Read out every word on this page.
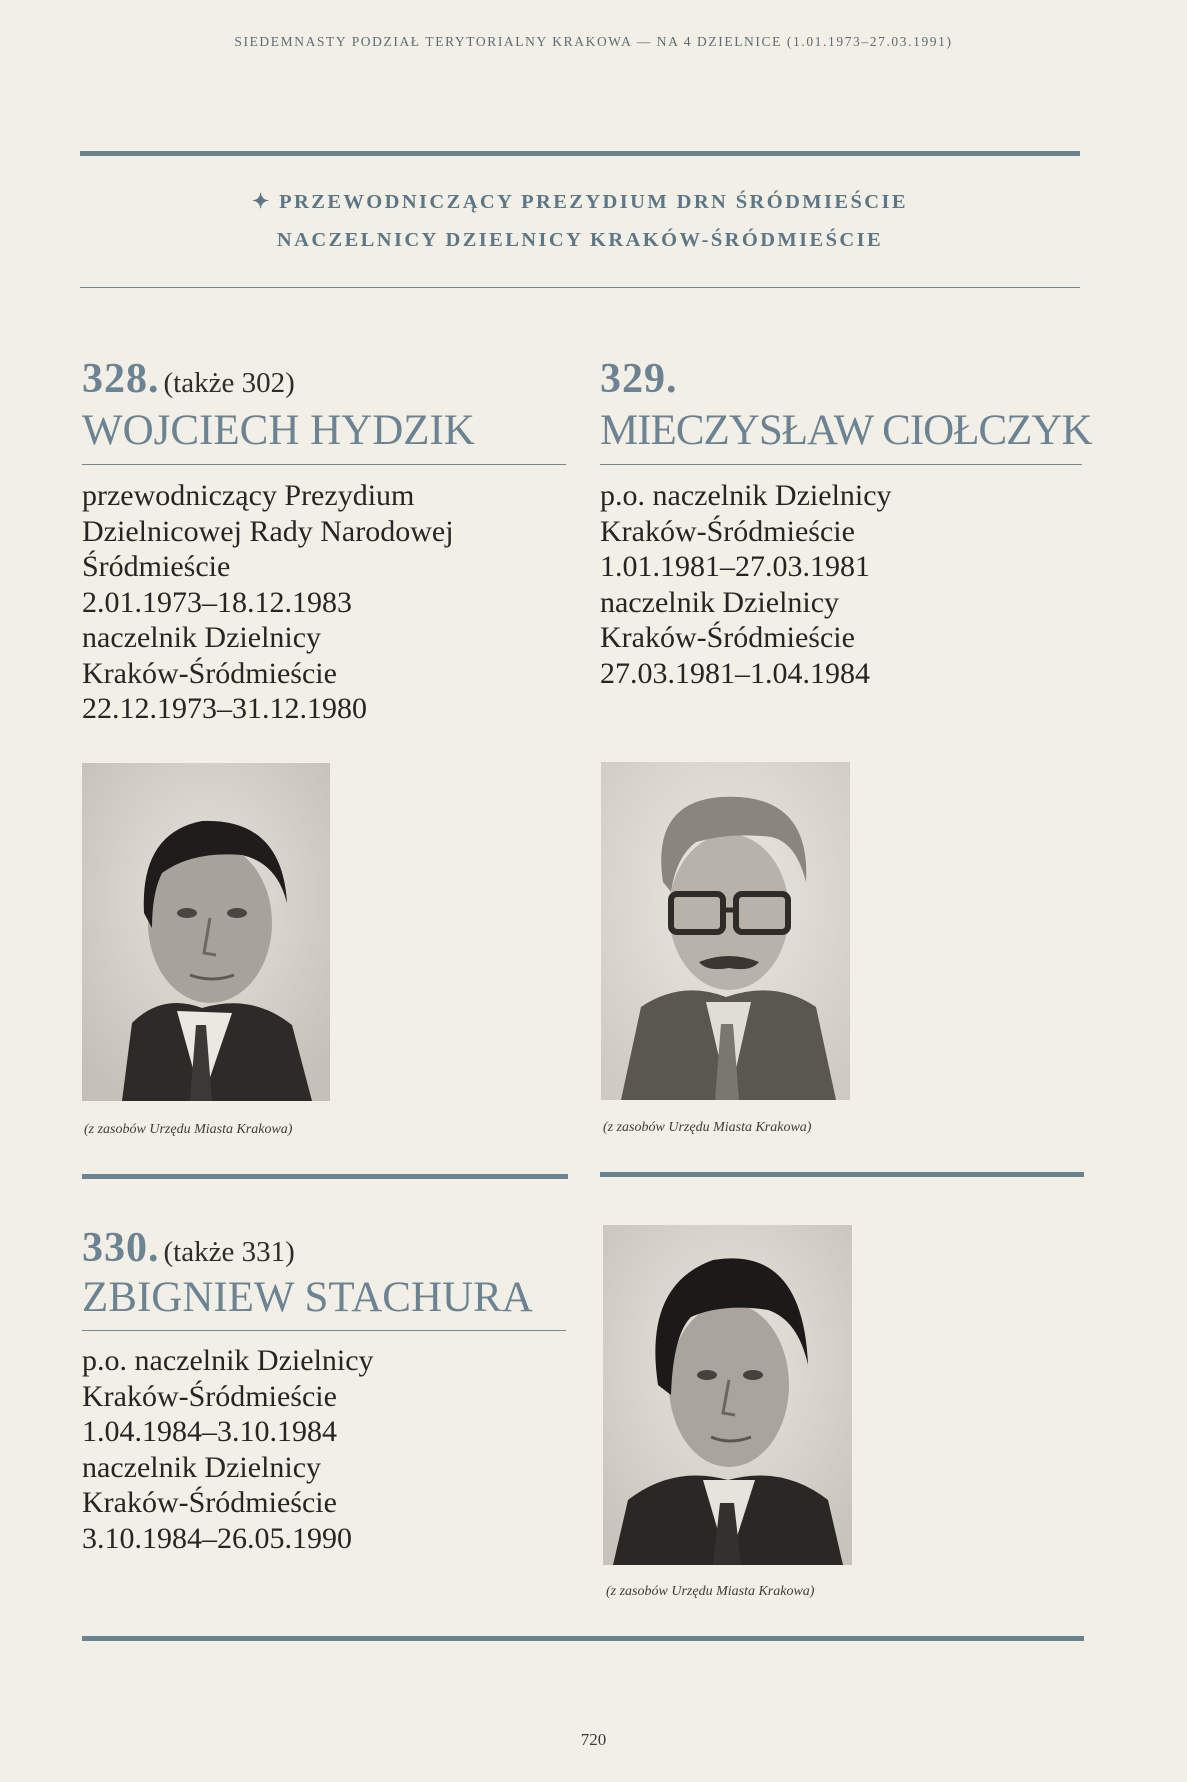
SIEDEMNASTY PODZIAŁ TERYTORIALNY KRAKOWA — NA 4 DZIELNICE (1.01.1973–27.03.1991)
✦ PRZEWODNICZĄCY PREZYDIUM DRN ŚRÓDMIEŚCIE
NACZELNICY DZIELNICY KRAKÓW-ŚRÓDMIEŚCIE
328. (także 302)
WOJCIECH HYDZIK
przewodniczący Prezydium
Dzielnicowej Rady Narodowej
Śródmieście
2.01.1973–18.12.1983
naczelnik Dzielnicy
Kraków-Śródmieście
22.12.1973–31.12.1980
(z zasobów Urzędu Miasta Krakowa)
329.
MIECZYSŁAW CIOŁCZYK
p.o. naczelnik Dzielnicy
Kraków-Śródmieście
1.01.1981–27.03.1981
naczelnik Dzielnicy
Kraków-Śródmieście
27.03.1981–1.04.1984
(z zasobów Urzędu Miasta Krakowa)
330. (także 331)
ZBIGNIEW STACHURA
p.o. naczelnik Dzielnicy
Kraków-Śródmieście
1.04.1984–3.10.1984
naczelnik Dzielnicy
Kraków-Śródmieście
3.10.1984–26.05.1990
(z zasobów Urzędu Miasta Krakowa)
720
